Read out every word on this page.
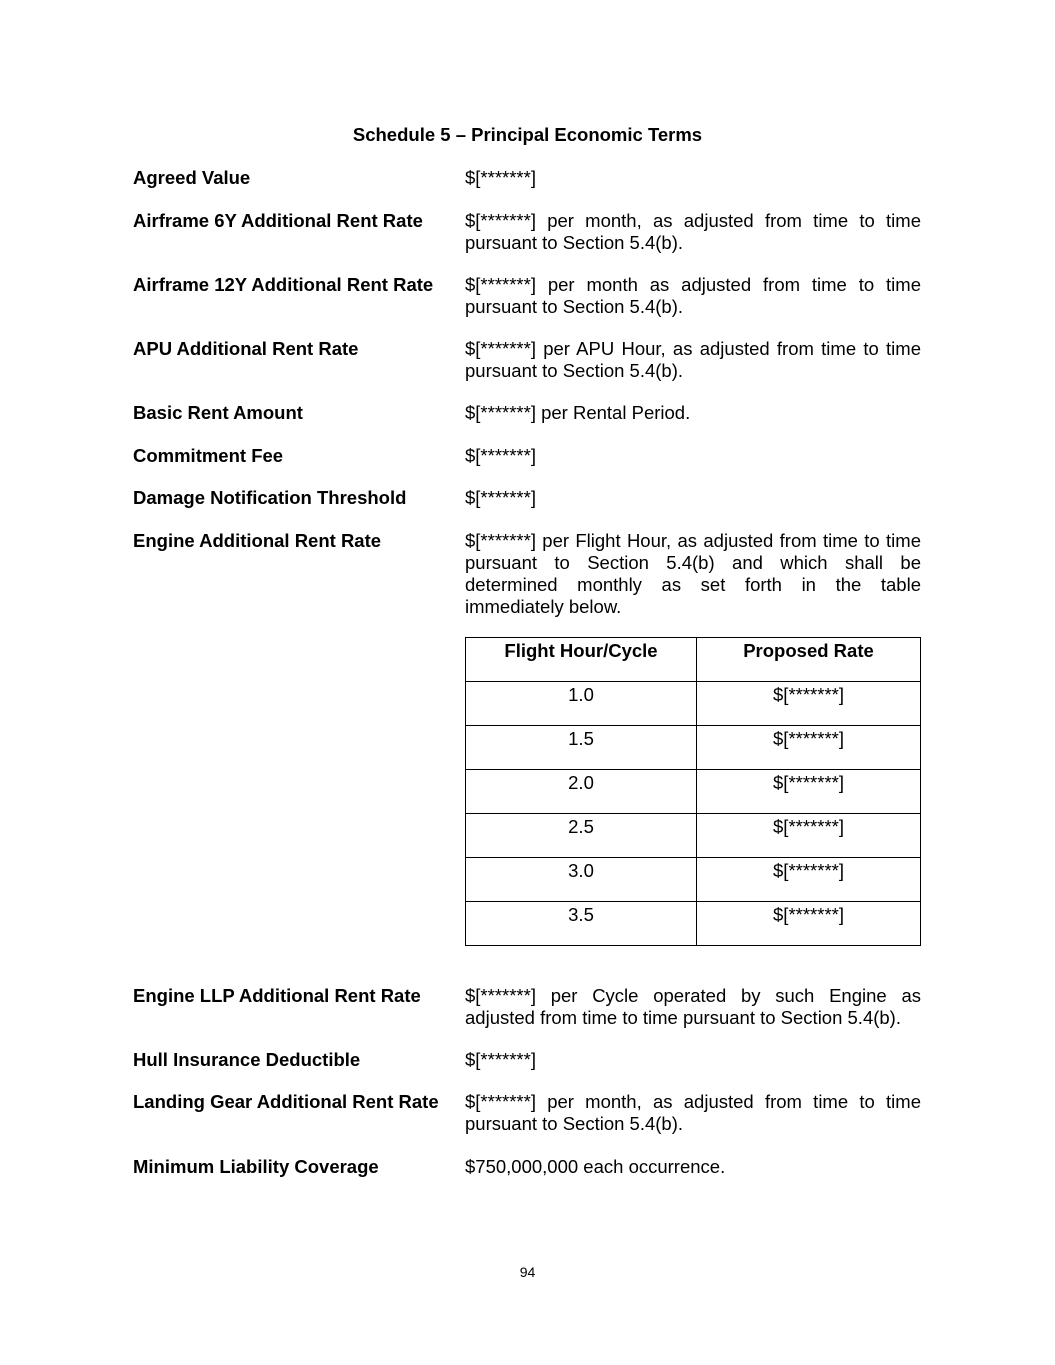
Schedule 5 – Principal Economic Terms
Agreed Value	$[*******]
Airframe 6Y Additional Rent Rate	$[*******] per month, as adjusted from time to time pursuant to Section 5.4(b).
Airframe 12Y Additional Rent Rate	$[*******] per month as adjusted from time to time pursuant to Section 5.4(b).
APU Additional Rent Rate	$[*******] per APU Hour, as adjusted from time to time pursuant to Section 5.4(b).
Basic Rent Amount	$[*******] per Rental Period.
Commitment Fee	$[*******]
Damage Notification Threshold	$[*******]
Engine Additional Rent Rate	$[*******] per Flight Hour, as adjusted from time to time pursuant to Section 5.4(b) and which shall be determined monthly as set forth in the table immediately below.
Flight Hour/Cycle	Proposed Rate
1.0	$[*******]
1.5	$[*******]
2.0	$[*******]
2.5	$[*******]
3.0	$[*******]
3.5	$[*******]
Engine LLP Additional Rent Rate	$[*******] per Cycle operated by such Engine as adjusted from time to time pursuant to Section 5.4(b).
Hull Insurance Deductible	$[*******]
Landing Gear Additional Rent Rate	$[*******] per month, as adjusted from time to time pursuant to Section 5.4(b).
Minimum Liability Coverage	$750,000,000 each occurrence.
94
